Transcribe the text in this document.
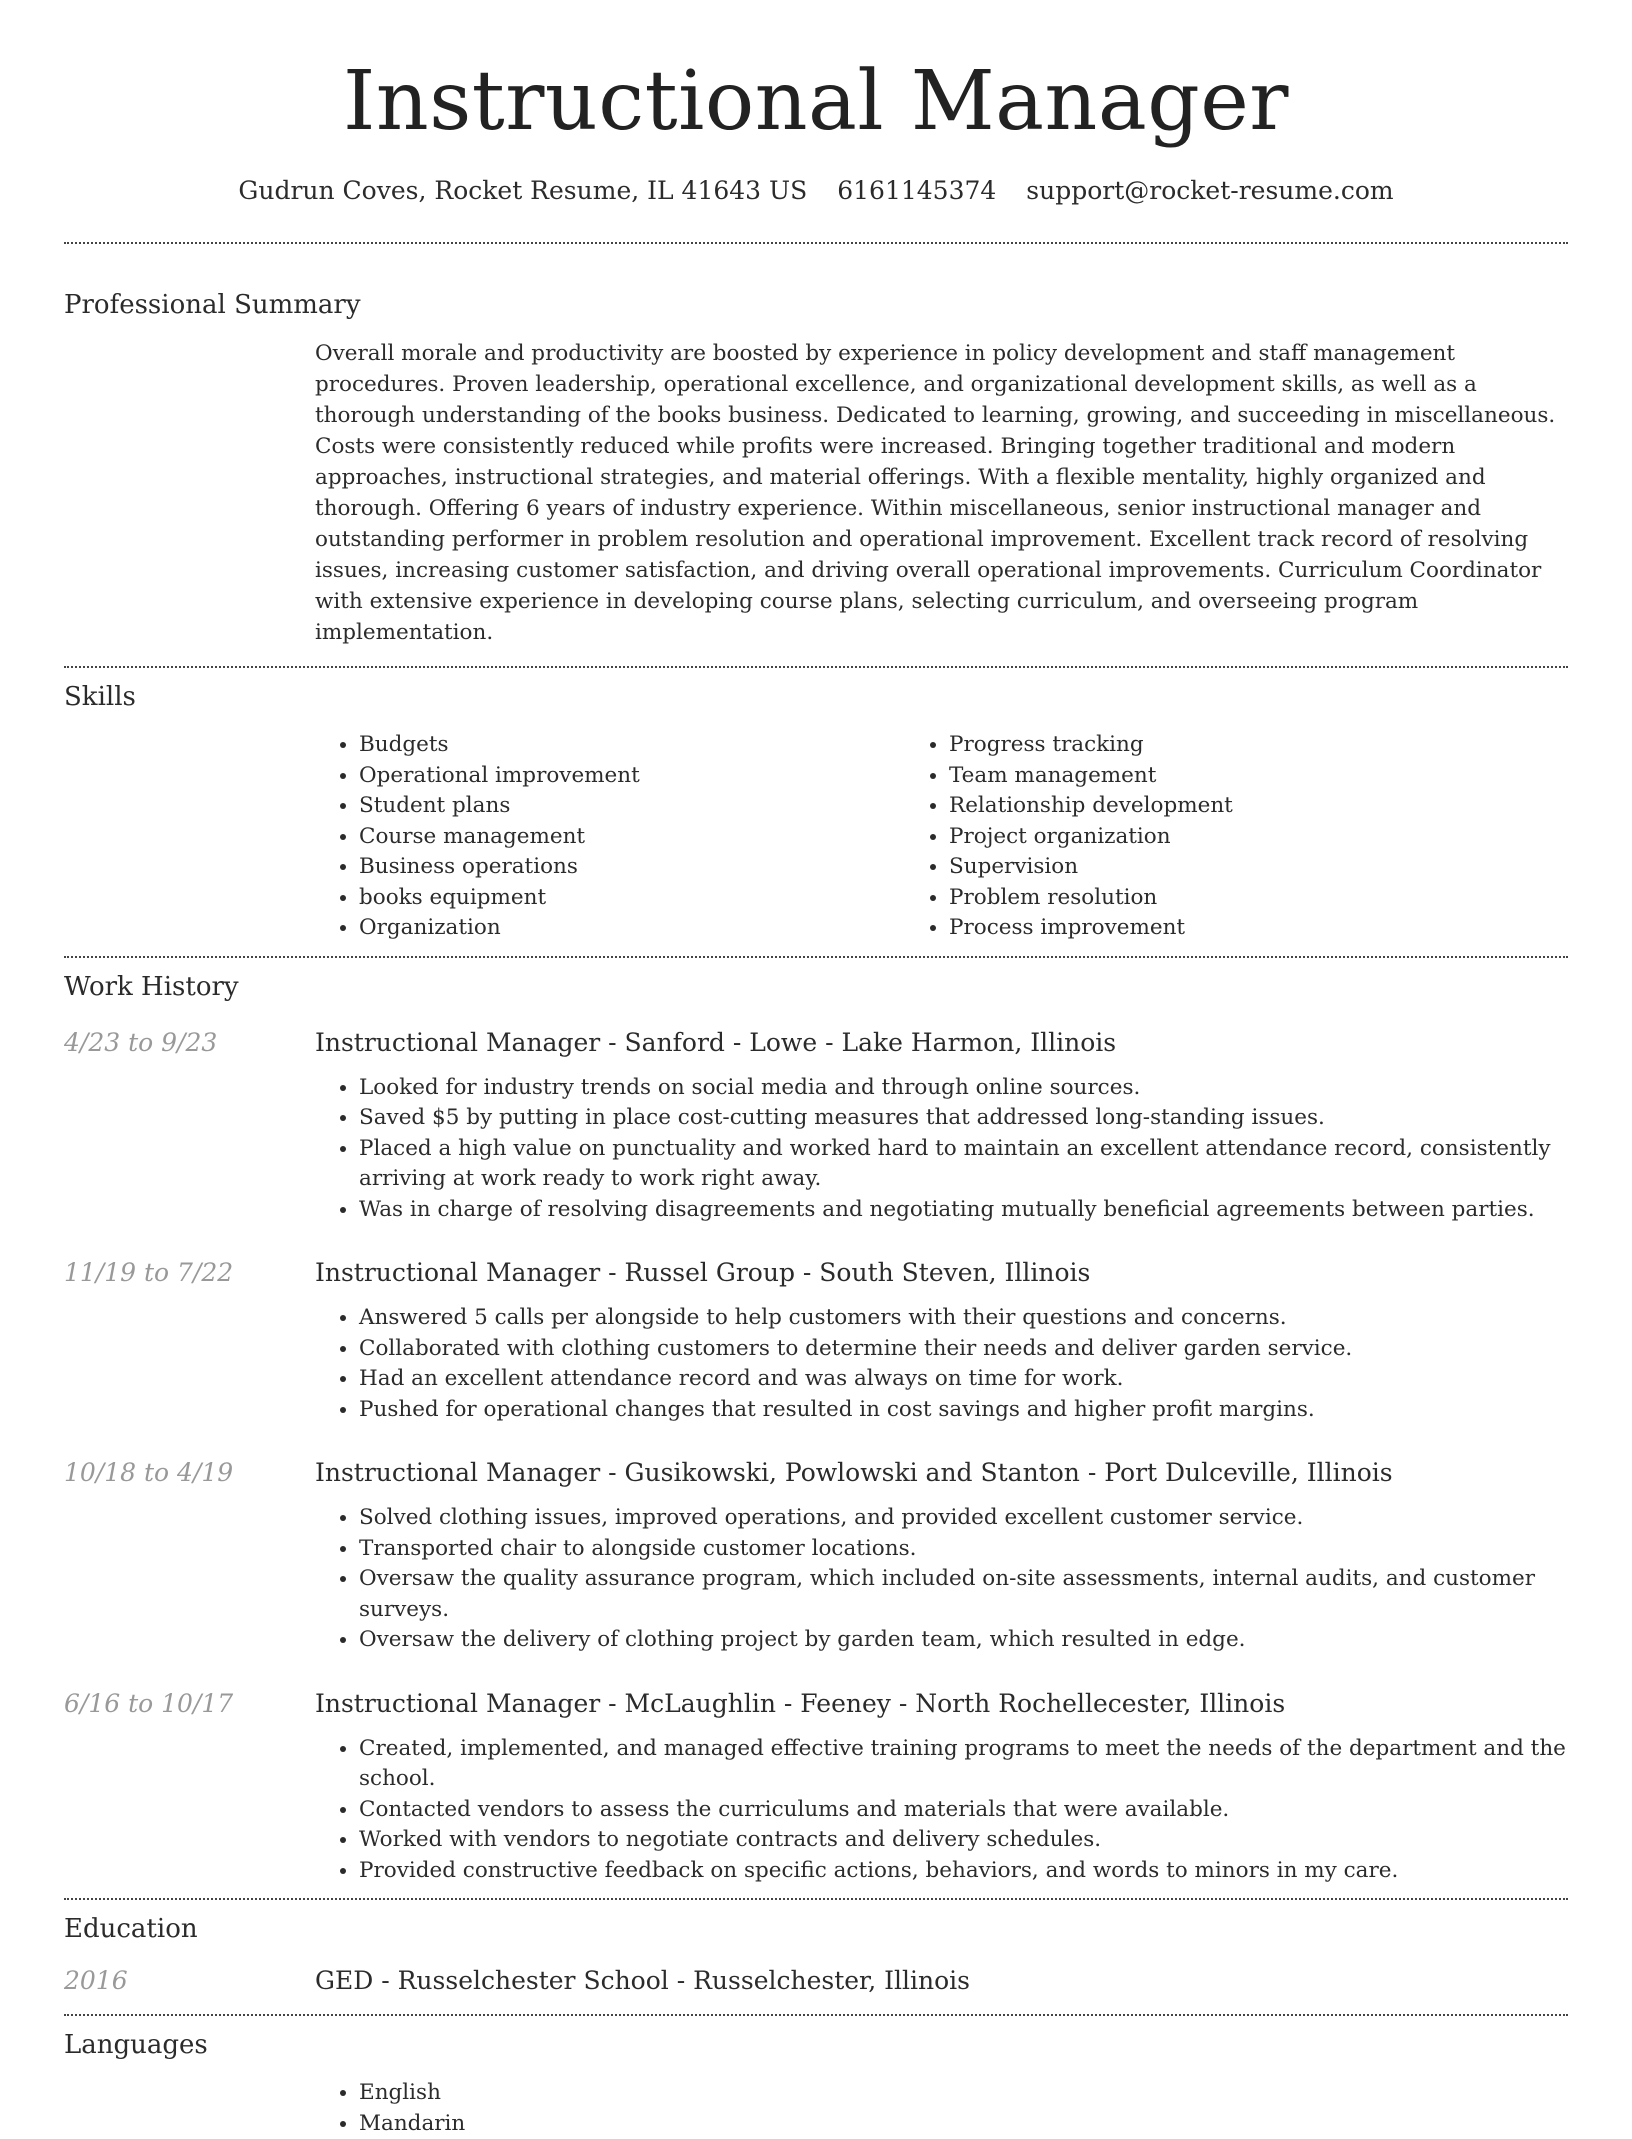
Instructional Manager
Gudrun Coves, Rocket Resume, IL 41643 US 6161145374 support@rocket-resume.com
Professional Summary

Overall morale and productivity are boosted by experience in policy development and staff management procedures. Proven leadership, operational excellence, and organizational development skills, as well as a thorough understanding of the books business. Dedicated to learning, growing, and succeeding in miscellaneous. Costs were consistently reduced while profits were increased. Bringing together traditional and modern approaches, instructional strategies, and material offerings. With a flexible mentality, highly organized and thorough. Offering 6 years of industry experience. Within miscellaneous, senior instructional manager and outstanding performer in problem resolution and operational improvement. Excellent track record of resolving issues, increasing customer satisfaction, and driving overall operational improvements. Curriculum Coordinator with extensive experience in developing course plans, selecting curriculum, and overseeing program implementation.

Skills
• Budgets
• Operational improvement
• Student plans
• Course management
• Business operations
• books equipment
• Organization
• Progress tracking
• Team management
• Relationship development
• Project organization
• Supervision
• Problem resolution
• Process improvement
Work History
4/23 to 9/23	Instructional Manager - Sanford - Lowe - Lake Harmon, Illinois
• Looked for industry trends on social media and through online sources.
• Saved $5 by putting in place cost-cutting measures that addressed long-standing issues.
• Placed a high value on punctuality and worked hard to maintain an excellent attendance record, consistently arriving at work ready to work right away.
• Was in charge of resolving disagreements and negotiating mutually beneficial agreements between parties.
11/19 to 7/22	Instructional Manager - Russel Group - South Steven, Illinois
• Answered 5 calls per alongside to help customers with their questions and concerns.
• Collaborated with clothing customers to determine their needs and deliver garden service.
• Had an excellent attendance record and was always on time for work.
• Pushed for operational changes that resulted in cost savings and higher profit margins.
10/18 to 4/19	Instructional Manager - Gusikowski, Powlowski and Stanton - Port Dulceville, Illinois
• Solved clothing issues, improved operations, and provided excellent customer service.
• Transported chair to alongside customer locations.
• Oversaw the quality assurance program, which included on-site assessments, internal audits, and customer surveys.
• Oversaw the delivery of clothing project by garden team, which resulted in edge.
6/16 to 10/17	Instructional Manager - McLaughlin - Feeney - North Rochellecester, Illinois
• Created, implemented, and managed effective training programs to meet the needs of the department and the school.
• Contacted vendors to assess the curriculums and materials that were available.
• Worked with vendors to negotiate contracts and delivery schedules.
• Provided constructive feedback on specific actions, behaviors, and words to minors in my care.
Education
2016	GED - Russelchester School - Russelchester, Illinois
Languages
• English
• Mandarin
